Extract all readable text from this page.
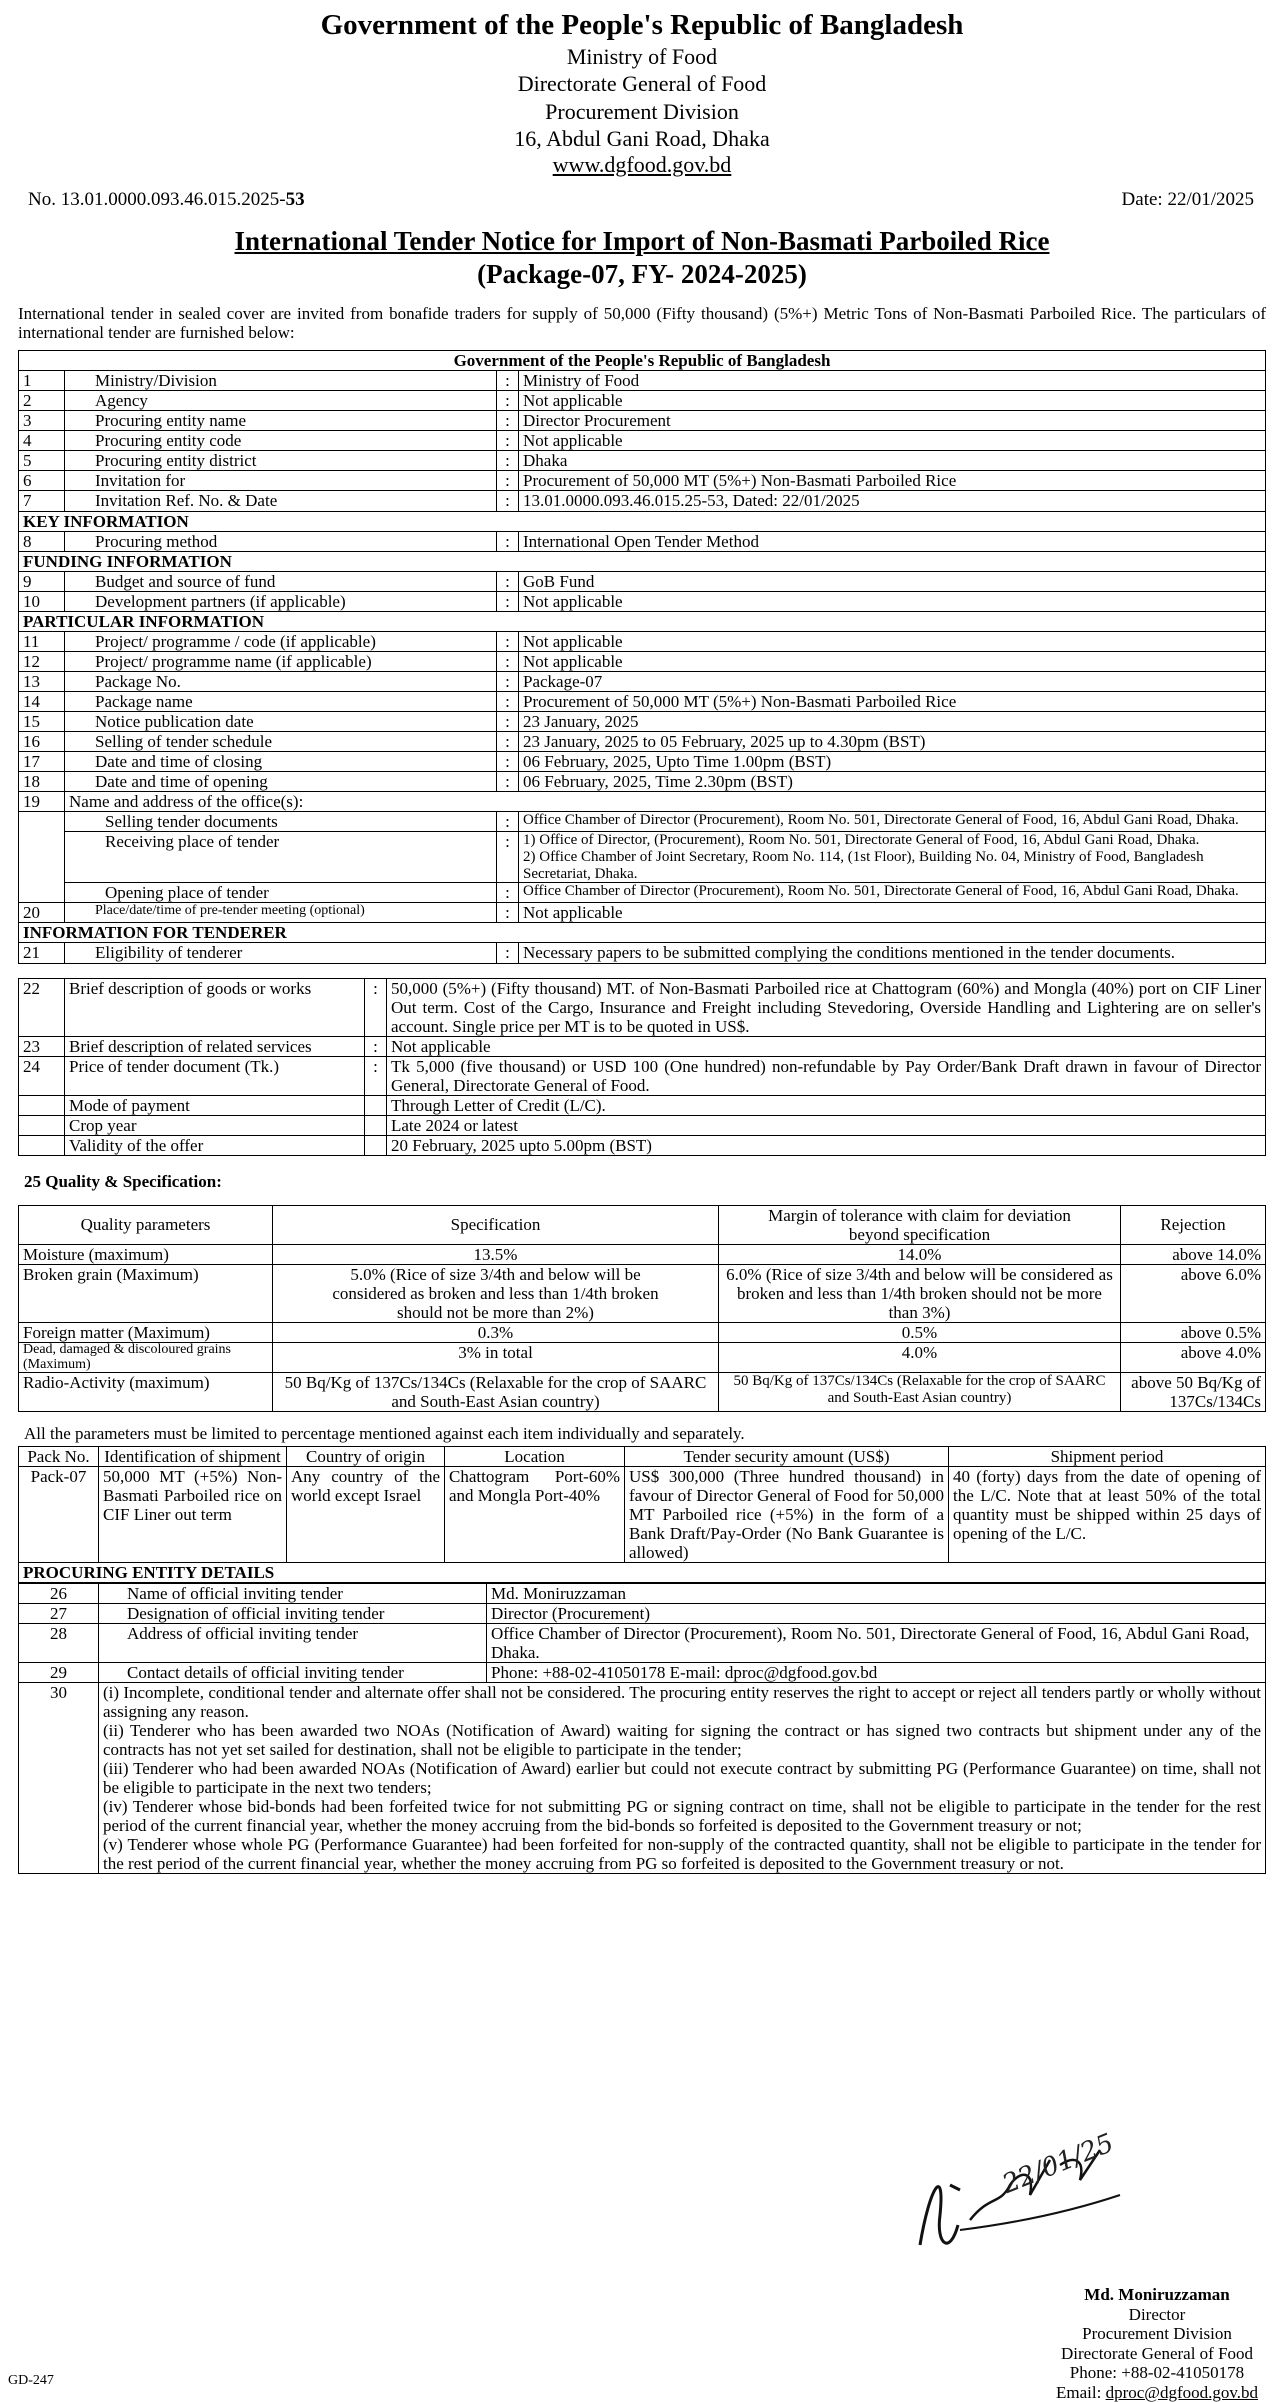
Government of the People's Republic of Bangladesh
Ministry of Food
Directorate General of Food
Procurement Division
16, Abdul Gani Road, Dhaka
www.dgfood.gov.bd
No. 13.01.0000.093.46.015.2025-53	Date: 22/01/2025
International Tender Notice for Import of Non-Basmati Parboiled Rice
(Package-07, FY- 2024-2025)
International tender in sealed cover are invited from bonafide traders for supply of 50,000 (Fifty thousand) (5%+) Metric Tons of Non-Basmati Parboiled Rice. The particulars of international tender are furnished below:
Government of the People's Republic of Bangladesh			
1	Ministry/Division	:	Ministry of Food
2	Agency	:	Not applicable
3	Procuring entity name	:	Director Procurement
4	Procuring entity code	:	Not applicable
5	Procuring entity district	:	Dhaka
6	Invitation for	:	Procurement of 50,000 MT (5%+) Non-Basmati Parboiled Rice
7	Invitation Ref. No. & Date	:	13.01.0000.093.46.015.25-53, Dated: 22/01/2025
KEY INFORMATION			
8	Procuring method	:	International Open Tender Method
FUNDING INFORMATION			
9	Budget and source of fund	:	GoB Fund
10	Development partners (if applicable)	:	Not applicable
PARTICULAR INFORMATION			
11	Project/ programme / code (if applicable)	:	Not applicable
12	Project/ programme name (if applicable)	:	Not applicable
13	Package No.	:	Package-07
14	Package name	:	Procurement of 50,000 MT (5%+) Non-Basmati Parboiled Rice
15	Notice publication date	:	23 January, 2025
16	Selling of tender schedule	:	23 January, 2025 to 05 February, 2025 up to 4.30pm (BST)
17	Date and time of closing	:	06 February, 2025, Upto Time 1.00pm (BST)
18	Date and time of opening	:	06 February, 2025, Time 2.30pm (BST)
19	Name and address of the office(s):		
	Selling tender documents	:	Office Chamber of Director (Procurement), Room No. 501, Directorate General of Food, 16, Abdul Gani Road, Dhaka.
	Receiving place of tender	:	1) Office of Director, (Procurement), Room No. 501, Directorate General of Food, 16, Abdul Gani Road, Dhaka.
2) Office Chamber of Joint Secretary, Room No. 114, (1st Floor), Building No. 04, Ministry of Food, Bangladesh Secretariat, Dhaka.

	Opening place of tender	:	Office Chamber of Director (Procurement), Room No. 501, Directorate General of Food, 16, Abdul Gani Road, Dhaka.
20	Place/date/time of pre-tender meeting (optional)	:	Not applicable
INFORMATION FOR TENDERER			
21	Eligibility of tenderer	:	Necessary papers to be submitted complying the conditions mentioned in the tender documents.
22	Brief description of goods or works	:	50,000 (5%+) (Fifty thousand) MT. of Non-Basmati Parboiled rice at Chattogram (60%) and Mongla (40%) port on CIF Liner Out term. Cost of the Cargo, Insurance and Freight including Stevedoring, Overside Handling and Lightering are on seller's account. Single price per MT is to be quoted in US$.
23	Brief description of related services	:	Not applicable
24	Price of tender document (Tk.)	:	Tk 5,000 (five thousand) or USD 100 (One hundred) non-refundable by Pay Order/Bank Draft drawn in favour of Director General, Directorate General of Food.
	Mode of payment		Through Letter of Credit (L/C).
	Crop year		Late 2024 or latest
	Validity of the offer		20 February, 2025 upto 5.00pm (BST)
25 Quality & Specification:
Quality parameters	Specification	Margin of tolerance with claim for deviation beyond specification	Rejection
Moisture (maximum)	13.5%	14.0%	above 14.0%
Broken grain (Maximum)	5.0% (Rice of size 3/4th and below will be considered as broken and less than 1/4th broken should not be more than 2%)	6.0% (Rice of size 3/4th and below will be considered as broken and less than 1/4th broken should not be more than 3%)	above 6.0%
Foreign matter (Maximum)	0.3%	0.5%	above 0.5%
Dead, damaged & discoloured grains (Maximum)	3% in total	4.0%	above 4.0%
Radio-Activity (maximum)	50 Bq/Kg of 137Cs/134Cs (Relaxable for the crop of SAARC and South-East Asian country)	50 Bq/Kg of 137Cs/134Cs (Relaxable for the crop of SAARC and South-East Asian country)	above 50 Bq/Kg of 137Cs/134Cs
All the parameters must be limited to percentage mentioned against each item individually and separately.
Pack No.	Identification of shipment	Country of origin	Location	Tender security amount (US$)	Shipment period
Pack-07	50,000 MT (+5%) Non-Basmati Parboiled rice on CIF Liner out term	Any country of the world except Israel	Chattogram Port-60% and Mongla Port-40%	US$ 300,000 (Three hundred thousand) in favour of Director General of Food for 50,000 MT Parboiled rice (+5%) in the form of a Bank Draft/Pay-Order (No Bank Guarantee is allowed)	40 (forty) days from the date of opening of the L/C. Note that at least 50% of the total quantity must be shipped within 25 days of opening of the L/C.
PROCURING ENTITY DETAILS					
26	Name of official inviting tender	Md. Moniruzzaman
27	Designation of official inviting tender	Director (Procurement)
28	Address of official inviting tender	Office Chamber of Director (Procurement), Room No. 501, Directorate General of Food, 16, Abdul Gani Road, Dhaka.
29	Contact details of official inviting tender	Phone: +88-02-41050178 E-mail: dproc@dgfood.gov.bd
30	(i) Incomplete, conditional tender and alternate offer shall not be considered. The procuring entity reserves the right to accept or reject all tenders partly or wholly without assigning any reason.
(ii) Tenderer who has been awarded two NOAs (Notification of Award) waiting for signing the contract or has signed two contracts but shipment under any of the contracts has not yet set sailed for destination, shall not be eligible to participate in the tender;
(iii) Tenderer who had been awarded NOAs (Notification of Award) earlier but could not execute contract by submitting PG (Performance Guarantee) on time, shall not be eligible to participate in the next two tenders;
(iv) Tenderer whose bid-bonds had been forfeited twice for not submitting PG or signing contract on time, shall not be eligible to participate in the tender for the rest period of the current financial year, whether the money accruing from the bid-bonds so forfeited is deposited to the Government treasury or not;
(v) Tenderer whose whole PG (Performance Guarantee) had been forfeited for non-supply of the contracted quantity, shall not be eligible to participate in the tender for the rest period of the current financial year, whether the money accruing from PG so forfeited is deposited to the Government treasury or not.	
22/01/25
Md. Moniruzzaman
Director
Procurement Division
Directorate General of Food
Phone: +88-02-41050178
Email: dproc@dgfood.gov.bd
GD-247
